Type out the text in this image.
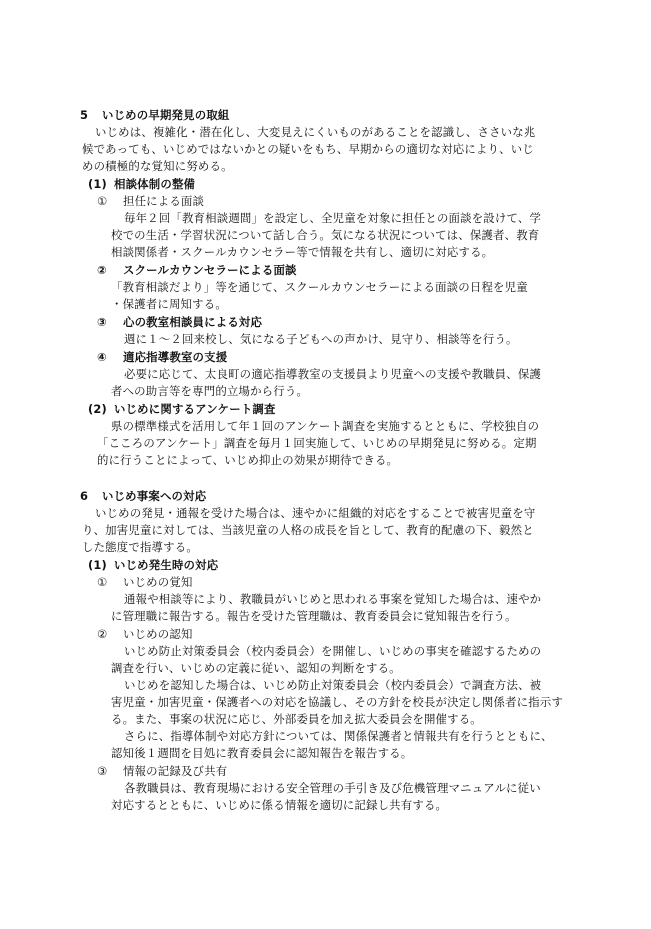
5 いじめの早期発見の取組
いじめは、複雑化・潜在化し、大変見えにくいものがあることを認識し、ささいな兆
候であっても、いじめではないかとの疑いをもち、早期からの適切な対応により、いじ
めの積極的な覚知に努める。
(1) 相談体制の整備
① 担任による面談
毎年２回「教育相談週間」を設定し、全児童を対象に担任との面談を設けて、学
校での生活・学習状況について話し合う。気になる状況については、保護者、教育
相談関係者・スクールカウンセラー等で情報を共有し、適切に対応する。
② スクールカウンセラーによる面談
「教育相談だより」等を通じて、スクールカウンセラーによる面談の日程を児童
・保護者に周知する。
③ 心の教室相談員による対応
週に１～２回来校し、気になる子どもへの声かけ、見守り、相談等を行う。
④ 適応指導教室の支援
必要に応じて、太良町の適応指導教室の支援員より児童への支援や教職員、保護
者への助言等を専門的立場から行う。
(2) いじめに関するアンケート調査
県の標準様式を活用して年１回のアンケート調査を実施するとともに、学校独自の
「こころのアンケート」調査を毎月１回実施して、いじめの早期発見に努める。定期
的に行うことによって、いじめ抑止の効果が期待できる。
6 いじめ事案への対応
いじめの発見・通報を受けた場合は、速やかに組織的対応をすることで被害児童を守
り、加害児童に対しては、当該児童の人格の成長を旨として、教育的配慮の下、毅然と
した態度で指導する。
(1) いじめ発生時の対応
① いじめの覚知
通報や相談等により、教職員がいじめと思われる事案を覚知した場合は、速やか
に管理職に報告する。報告を受けた管理職は、教育委員会に覚知報告を行う。
② いじめの認知
いじめ防止対策委員会（校内委員会）を開催し、いじめの事実を確認するための
調査を行い、いじめの定義に従い、認知の判断をする。
いじめを認知した場合は、いじめ防止対策委員会（校内委員会）で調査方法、被
害児童・加害児童・保護者への対応を協議し、その方針を校長が決定し関係者に指示す
る。また、事案の状況に応じ、外部委員を加え拡大委員会を開催する。
さらに、指導体制や対応方針については、関係保護者と情報共有を行うとともに、
認知後１週間を目処に教育委員会に認知報告を報告する。
③ 情報の記録及び共有
各教職員は、教育現場における安全管理の手引き及び危機管理マニュアルに従い
対応するとともに、いじめに係る情報を適切に記録し共有する。
